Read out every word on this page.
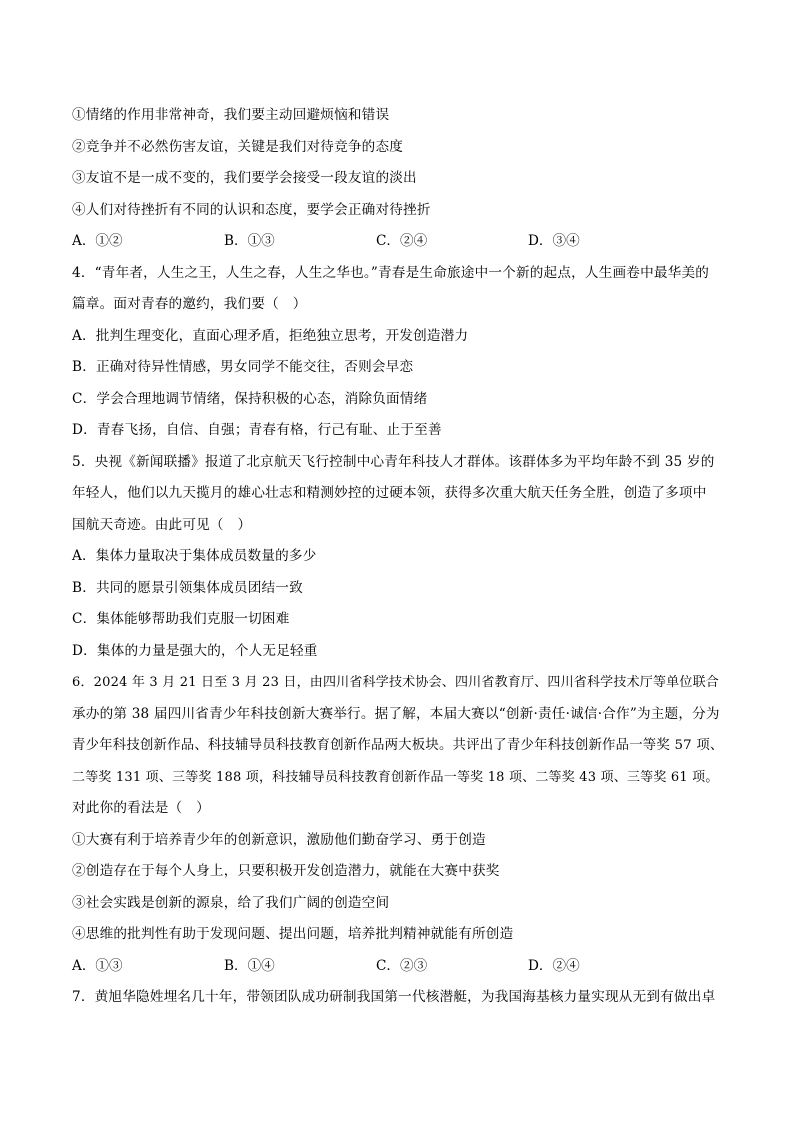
①情绪的作用非常神奇，我们要主动回避烦恼和错误
②竞争并不必然伤害友谊，关键是我们对待竞争的态度
③友谊不是一成不变的，我们要学会接受一段友谊的淡出
④人们对待挫折有不同的认识和态度，要学会正确对待挫折
A．①②	B．①③	C．②④	D．③④
4．“青年者，人生之王，人生之春，人生之华也。”青春是生命旅途中一个新的起点，人生画卷中最华美的
篇章。面对青春的邀约，我们要（　）
A．批判生理变化，直面心理矛盾，拒绝独立思考，开发创造潜力
B．正确对待异性情感，男女同学不能交往，否则会早恋
C．学会合理地调节情绪，保持积极的心态，消除负面情绪
D．青春飞扬，自信、自强；青春有格，行己有耻、止于至善
5．央视《新闻联播》报道了北京航天飞行控制中心青年科技人才群体。该群体多为平均年龄不到 35 岁的
年轻人，他们以九天揽月的雄心壮志和精测妙控的过硬本领，获得多次重大航天任务全胜，创造了多项中
国航天奇迹。由此可见（　）
A．集体力量取决于集体成员数量的多少
B．共同的愿景引领集体成员团结一致
C．集体能够帮助我们克服一切困难
D．集体的力量是强大的，个人无足轻重
6．2024 年 3 月 21 日至 3 月 23 日，由四川省科学技术协会、四川省教育厅、四川省科学技术厅等单位联合
承办的第 38 届四川省青少年科技创新大赛举行。据了解，本届大赛以“创新·责任·诚信·合作”为主题，分为
青少年科技创新作品、科技辅导员科技教育创新作品两大板块。共评出了青少年科技创新作品一等奖 57 项、
二等奖 131 项、三等奖 188 项，科技辅导员科技教育创新作品一等奖 18 项、二等奖 43 项、三等奖 61 项。
对此你的看法是（　）
①大赛有利于培养青少年的创新意识，激励他们勤奋学习、勇于创造
②创造存在于每个人身上，只要积极开发创造潜力，就能在大赛中获奖
③社会实践是创新的源泉，给了我们广阔的创造空间
④思维的批判性有助于发现问题、提出问题，培养批判精神就能有所创造
A．①③	B．①④	C．②③	D．②④
7．黄旭华隐姓埋名几十年，带领团队成功研制我国第一代核潜艇，为我国海基核力量实现从无到有做出卓
